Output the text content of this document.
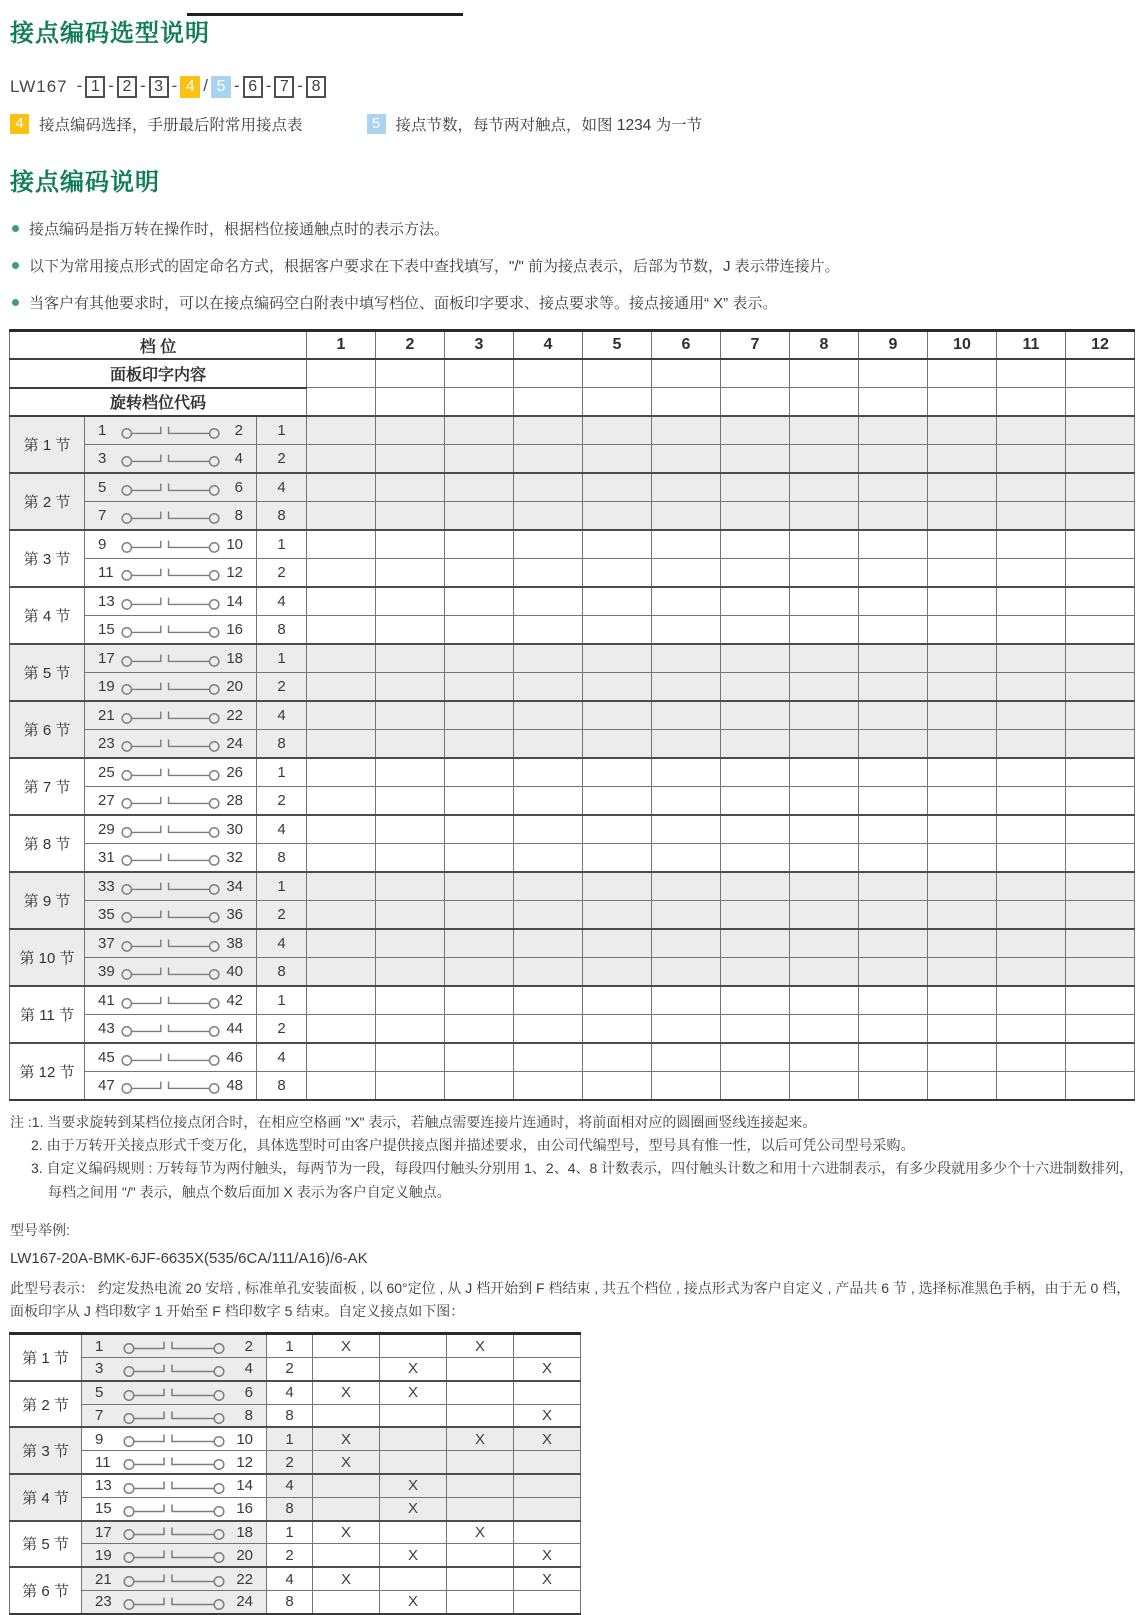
接点编码选型说明
LW167 - 1 - 2 - 3 - 4 / 5 - 6 - 7 - 8
4 接点编码选择，手册最后附常用接点表	5 接点节数，每节两对触点，如图 1234 为一节
接点编码说明
接点编码是指万转在操作时，根据档位接通触点时的表示方法。
以下为常用接点形式的固定命名方式，根据客户要求在下表中查找填写，"/" 前为接点表示，后部为节数，J 表示带连接片。
当客户有其他要求时，可以在接点编码空白附表中填写档位、面板印字要求、接点要求等。接点接通用“ X” 表示。
档 位			1	2	3	4	5	6	7	8	9	10	11	12
面板印字内容														
旋转档位代码														
第 1 节	1 2	1												

	3 4	2												
第 2 节	5 6	4												

	7 8	8												
第 3 节	9 10	1												

	11 12	2												
第 4 节	13 14	4												

	15 16	8												
第 5 节	17 18	1												

	19 20	2												
第 6 节	21 22	4												

	23 24	8												
第 7 节	25 26	1												

	27 28	2												
第 8 节	29 30	4												

	31 32	8												
第 9 节	33 34	1												

	35 36	2												
第 10 节	37 38	4												

	39 40	8												
第 11 节	41 42	1												

	43 44	2												
第 12 节	45 46	4												

	47 48	8												
注 :1. 当要求旋转到某档位接点闭合时，在相应空格画 "X" 表示，若触点需要连接片连通时，将前面相对应的圆圈画竖线连接起来。
2. 由于万转开关接点形式千变万化，具体选型时可由客户提供接点图并描述要求，由公司代编型号，型号具有惟一性，以后可凭公司型号采购。
3. 自定义编码规则 : 万转每节为两付触头，每两节为一段，每段四付触头分别用 1、2、4、8 计数表示，四付触头计数之和用十六进制表示，有多少段就用多少个十六进制数排列，每档之间用 "/" 表示，触点个数后面加 X 表示为客户自定义触点。
型号举例:
LW167-20A-BMK-6JF-6635X(535/6CA/111/A16)/6-AK
此型号表示： 约定发热电流 20 安培 , 标准单孔安装面板 , 以 60°定位 , 从 J 档开始到 F 档结束 , 共五个档位 , 接点形式为客户自定义 , 产品共 6 节 , 选择标准黑色手柄，由于无 0 档，面板印字从 J 档印数字 1 开始至 F 档印数字 5 结束。自定义接点如下图：
第 1 节	1 2	1	X		X	

	3 4	2		X		X
第 2 节	5 6	4	X	X		

	7 8	8				X
第 3 节	9 10	1	X		X	X

	11 12	2	X			
第 4 节	13 14	4		X		

	15 16	8		X		
第 5 节	17 18	1	X		X	

	19 20	2		X		X
第 6 节	21 22	4	X			X

	23 24	8		X		
